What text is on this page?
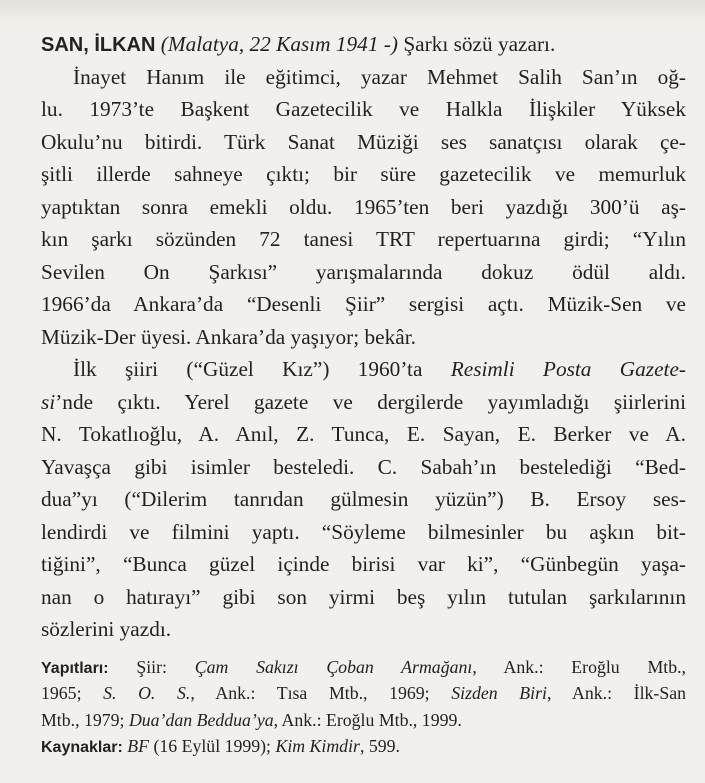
SAN, İLKAN (Malatya, 22 Kasım 1941 -) Şarkı sözü yazarı.
İnayet Hanım ile eğitimci, yazar Mehmet Salih San’ın oğ-
lu. 1973’te Başkent Gazetecilik ve Halkla İlişkiler Yüksek
Okulu’nu bitirdi. Türk Sanat Müziği ses sanatçısı olarak çe-
şitli illerde sahneye çıktı; bir süre gazetecilik ve memurluk
yaptıktan sonra emekli oldu. 1965’ten beri yazdığı 300’ü aş-
kın şarkı sözünden 72 tanesi TRT repertuarına girdi; “Yılın
Sevilen On Şarkısı” yarışmalarında dokuz ödül aldı.
1966’da Ankara’da “Desenli Şiir” sergisi açtı. Müzik-Sen ve
Müzik-Der üyesi. Ankara’da yaşıyor; bekâr.
İlk şiiri (“Güzel Kız”) 1960’ta Resimli Posta Gazete-
si’nde çıktı. Yerel gazete ve dergilerde yayımladığı şiirlerini
N. Tokatlıoğlu, A. Anıl, Z. Tunca, E. Sayan, E. Berker ve A.
Yavaşça gibi isimler besteledi. C. Sabah’ın bestelediği “Bed-
dua”yı (“Dilerim tanrıdan gülmesin yüzün”) B. Ersoy ses-
lendirdi ve filmini yaptı. “Söyleme bilmesinler bu aşkın bit-
tiğini”, “Bunca güzel içinde birisi var ki”, “Günbegün yaşa-
nan o hatırayı” gibi son yirmi beş yılın tutulan şarkılarının
sözlerini yazdı.
Yapıtları: Şiir: Çam Sakızı Çoban Armağanı, Ank.: Eroğlu Mtb.,
1965; S. O. S., Ank.: Tısa Mtb., 1969; Sizden Biri, Ank.: İlk-San
Mtb., 1979; Dua’dan Beddua’ya, Ank.: Eroğlu Mtb., 1999.
Kaynaklar: BF (16 Eylül 1999); Kim Kimdir, 599.
